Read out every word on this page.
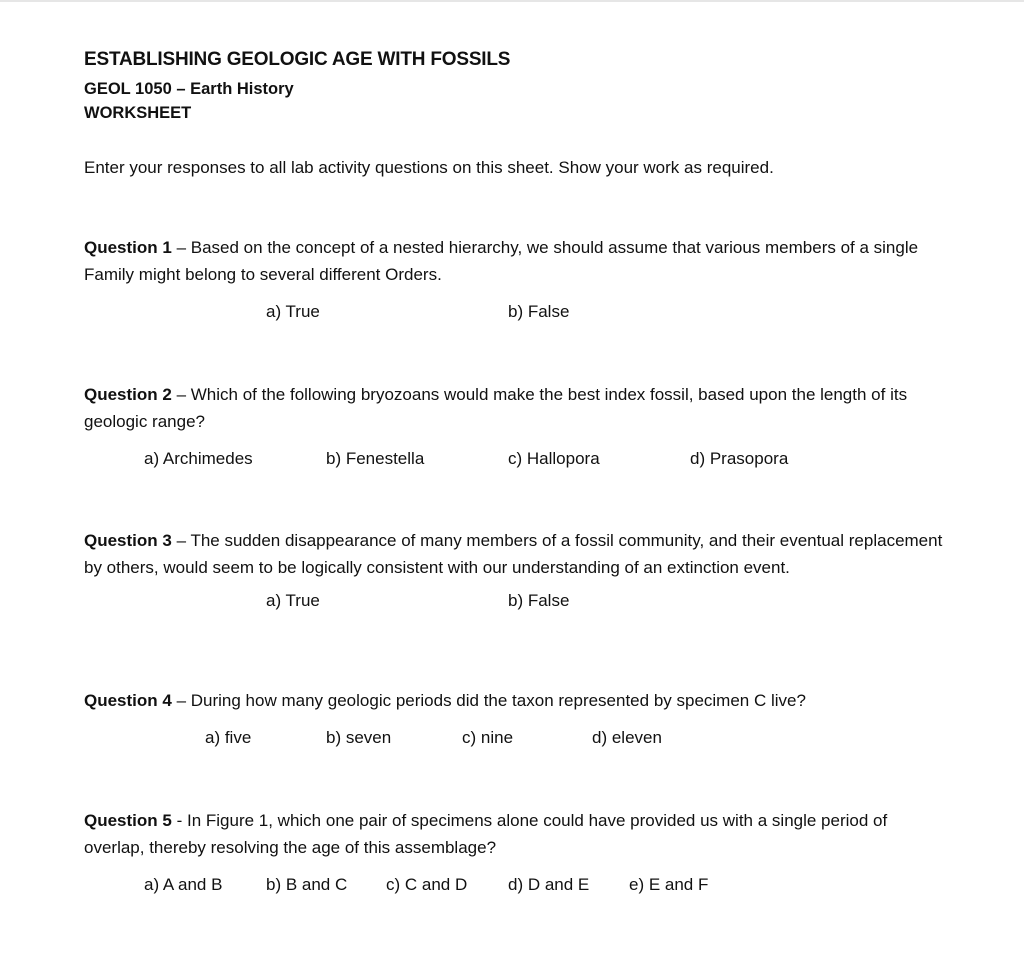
ESTABLISHING GEOLOGIC AGE WITH FOSSILS
GEOL 1050 – Earth History
WORKSHEET

Enter your responses to all lab activity questions on this sheet. Show your work as required.

Question 1 – Based on the concept of a nested hierarchy, we should assume that various members of a single Family might belong to several different Orders.

a) True	b) False

Question 2 – Which of the following bryozoans would make the best index fossil, based upon the length of its geologic range?

a) Archimedes	b) Fenestella	c) Hallopora	d) Prasopora

Question 3 – The sudden disappearance of many members of a fossil community, and their eventual replacement by others, would seem to be logically consistent with our understanding of an extinction event.

a) True	b) False

Question 4 – During how many geologic periods did the taxon represented by specimen C live?

a) five	b) seven	c) nine	d) eleven

Question 5 - In Figure 1, which one pair of specimens alone could have provided us with a single period of overlap, thereby resolving the age of this assemblage?

a) A and B	b) B and C c) C and D d) D and E e) E and F
